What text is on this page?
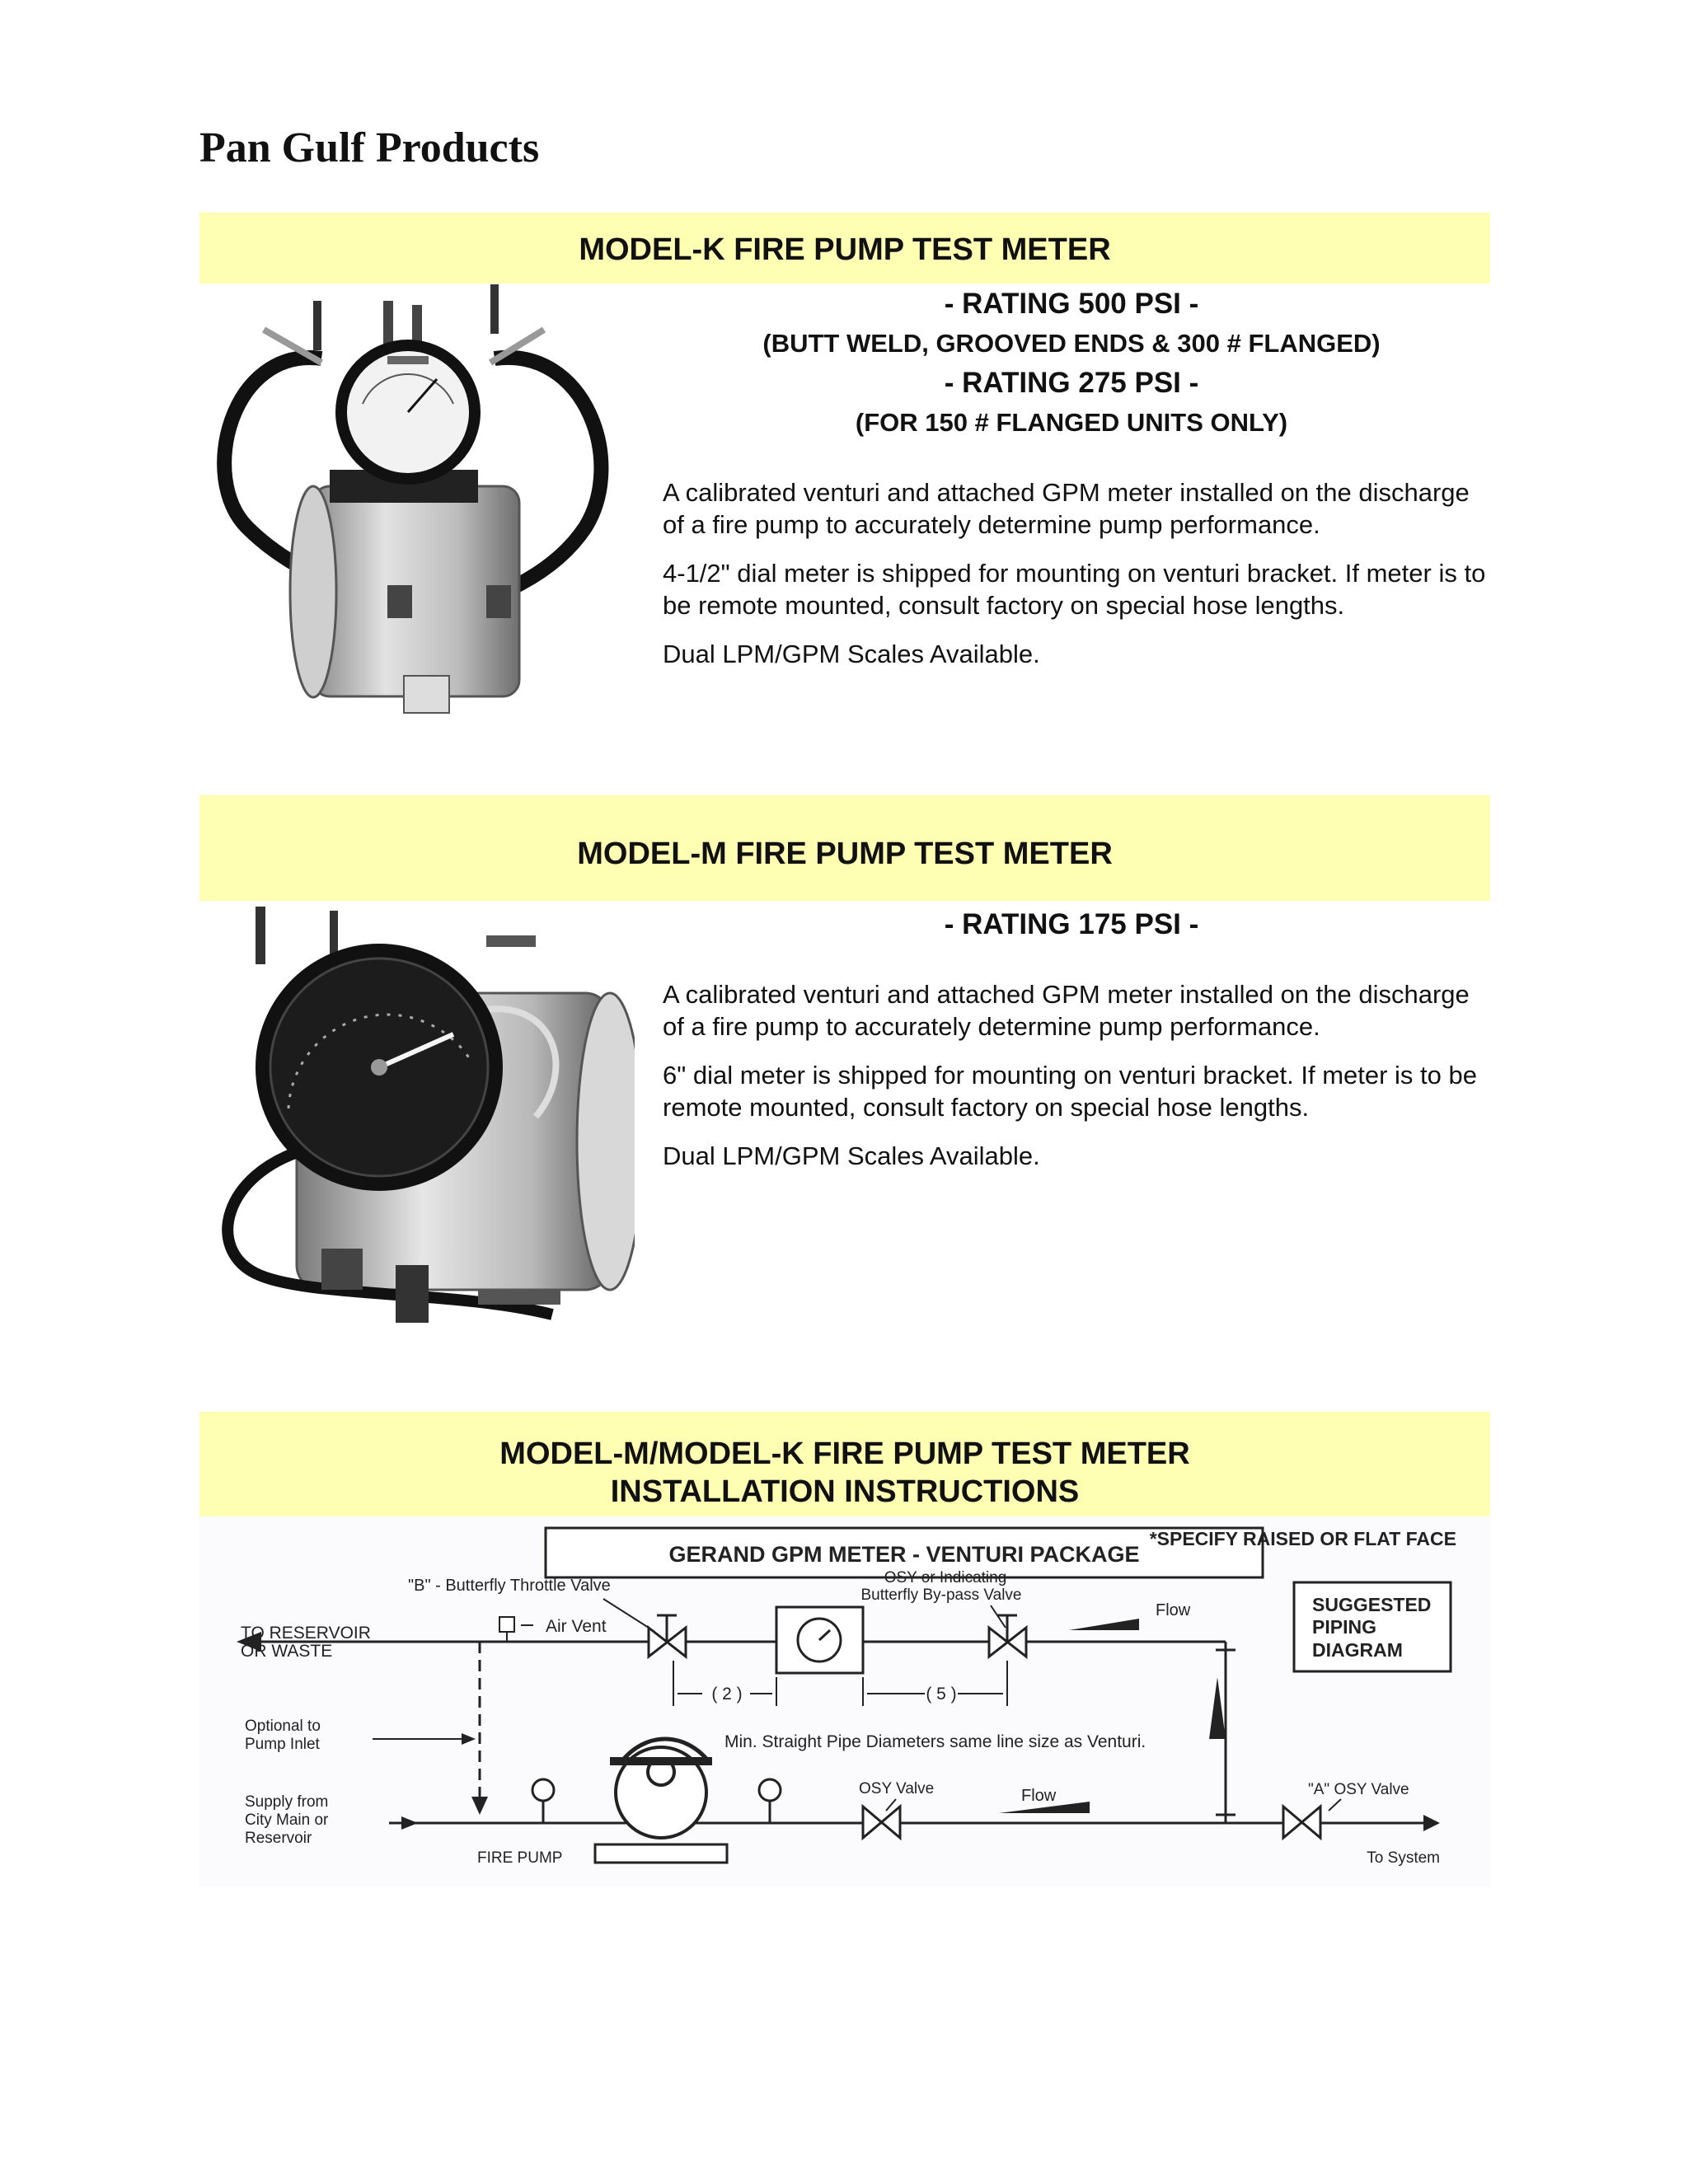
Pan Gulf Products
MODEL-K FIRE PUMP TEST METER
- RATING 500 PSI -
(BUTT WELD, GROOVED ENDS & 300 # FLANGED)
- RATING 275 PSI -
(FOR 150 # FLANGED UNITS ONLY)

A calibrated venturi and attached GPM meter installed on the discharge of a fire pump to accurately determine pump performance.

4-1/2" dial meter is shipped for mounting on venturi bracket. If meter is to be remote mounted, consult factory on special hose lengths.

Dual LPM/GPM Scales Available.

MODEL-M FIRE PUMP TEST METER
- RATING 175 PSI -

A calibrated venturi and attached GPM meter installed on the discharge of a fire pump to accurately determine pump performance.

6" dial meter is shipped for mounting on venturi bracket. If meter is to be remote mounted, consult factory on special hose lengths.

Dual LPM/GPM Scales Available.

MODEL-M/MODEL-K FIRE PUMP TEST METER
INSTALLATION INSTRUCTIONS
GERAND GPM METER - VENTURI PACKAGE
*SPECIFY RAISED OR FLAT FACE
SUGGESTED
PIPING
DIAGRAM
TO RESERVOIR
OR WASTE
Air Vent
"B" - Butterfly Throttle Valve	OSY or Indicating
Butterfly By-pass Valve
Flow
( 2 )	( 5 )
Min. Straight Pipe Diameters same line size as Venturi.
Optional to
Pump Inlet
Supply from
City Main or
Reservoir
FIRE PUMP
OSY Valve	Flow	"A" OSY Valve
To System
